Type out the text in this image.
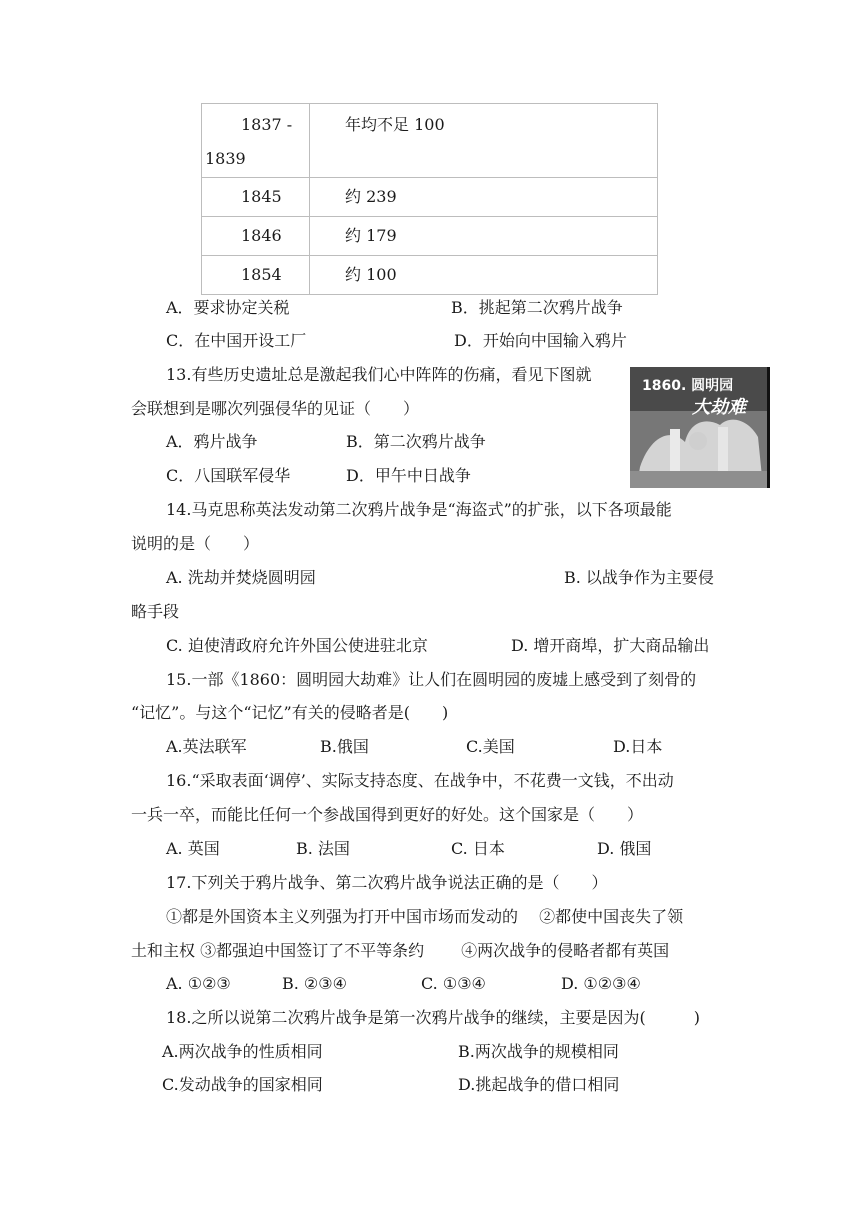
1837 -
1839	年均不足 100

1845	约 239

1846	约 179

1854	约 100
A．要求协定关税	B．挑起第二次鸦片战争
C．在中国开设工厂	D．开始向中国输入鸦片
13.有些历史遗址总是激起我们心中阵阵的伤痛，看见下图就
会联想到是哪次列强侵华的见证（　　）
A．鸦片战争	B．第二次鸦片战争
C．八国联军侵华	D．甲午中日战争
1860. 圆明园
大劫难
14.马克思称英法发动第二次鸦片战争是“海盗式”的扩张，以下各项最能
说明的是（　　）
A. 洗劫并焚烧圆明园	B. 以战争作为主要侵
略手段
C. 迫使清政府允许外国公使进驻北京	D. 增开商埠，扩大商品输出
15.一部《1860：圆明园大劫难》让人们在圆明园的废墟上感受到了刻骨的
“记忆”。与这个“记忆”有关的侵略者是(　　)
A.英法联军	B.俄国	C.美国	D.日本
16.“采取表面‘调停’、实际支持态度、在战争中，不花费一文钱，不出动
一兵一卒，而能比任何一个参战国得到更好的好处。这个国家是（　　）
A. 英国	B. 法国	C. 日本	D. 俄国
17.下列关于鸦片战争、第二次鸦片战争说法正确的是（　　）
①都是外国资本主义列强为打开中国市场而发动的　 ②都使中国丧失了领
土和主权 ③都强迫中国签订了不平等条约　　 ④两次战争的侵略者都有英国
A. ①②③	B. ②③④	C. ①③④	D. ①②③④
18.之所以说第二次鸦片战争是第一次鸦片战争的继续，主要是因为(　　　)
A.两次战争的性质相同	B.两次战争的规模相同
C.发动战争的国家相同	D.挑起战争的借口相同
